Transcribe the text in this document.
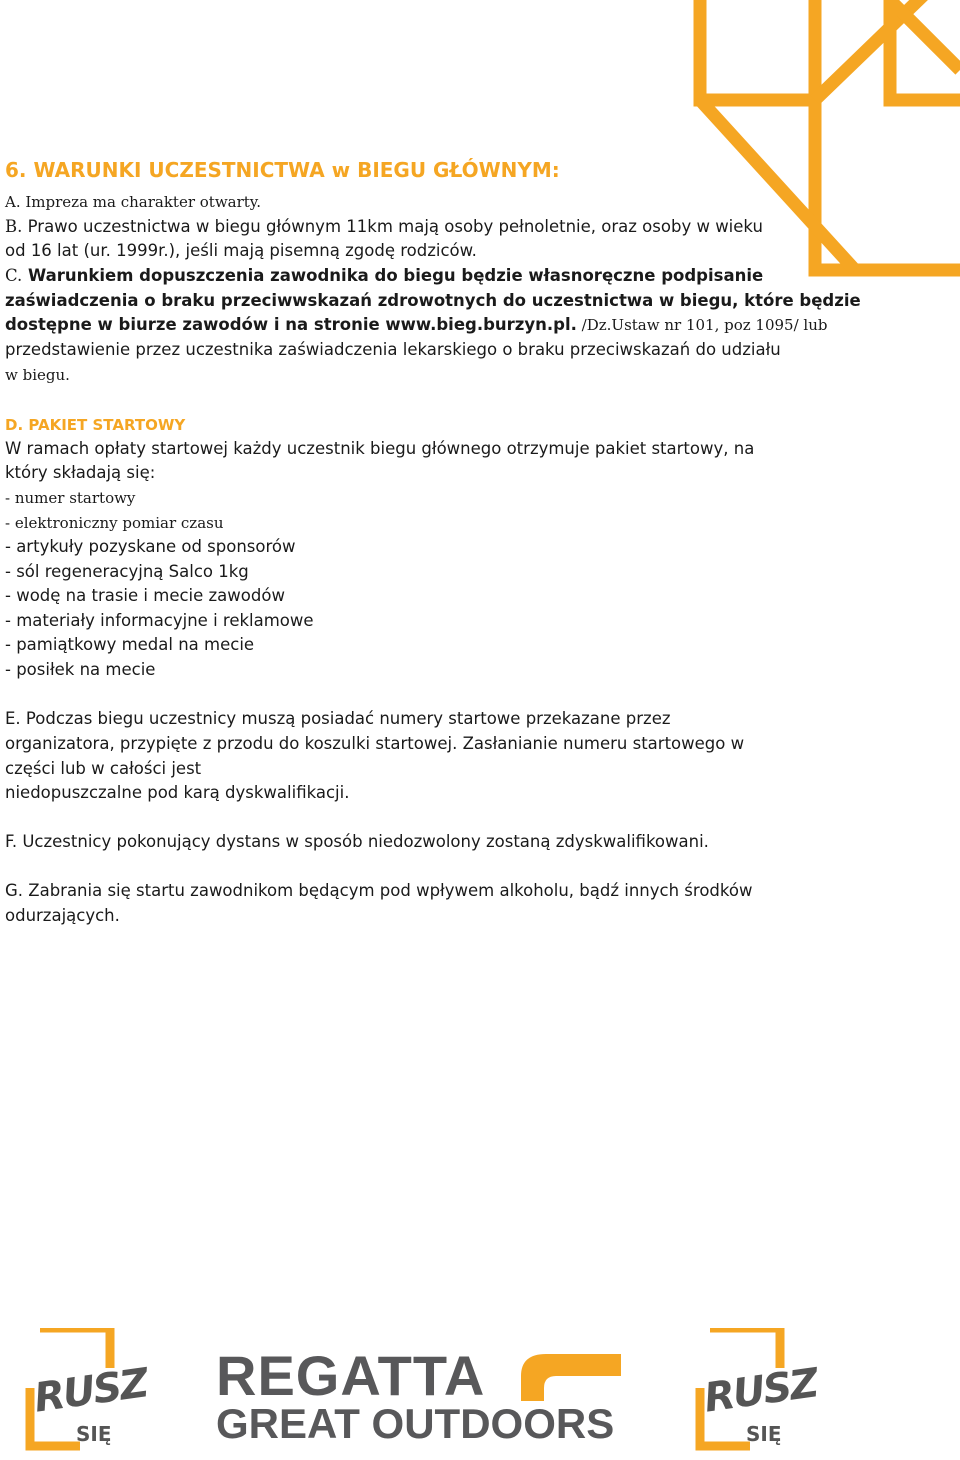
6. WARUNKI UCZESTNICTWA w BIEGU GŁÓWNYM:
A. Impreza ma charakter otwarty.
B. Prawo uczestnictwa w biegu głównym 11km mają osoby pełnoletnie, oraz osoby w wieku
od 16 lat (ur. 1999r.), jeśli mają pisemną zgodę rodziców.
C. Warunkiem dopuszczenia zawodnika do biegu będzie własnoręczne podpisanie
zaświadczenia o braku przeciwwskazań zdrowotnych do uczestnictwa w biegu, które będzie
dostępne w biurze zawodów i na stronie www.bieg.burzyn.pl. /Dz.Ustaw nr 101, poz 1095/ lub
przedstawienie przez uczestnika zaświadczenia lekarskiego o braku przeciwskazań do udziału
w biegu.
D. PAKIET STARTOWY
W ramach opłaty startowej każdy uczestnik biegu głównego otrzymuje pakiet startowy, na
który składają się:
- numer startowy
- elektroniczny pomiar czasu
- artykuły pozyskane od sponsorów
- sól regeneracyjną Salco 1kg
- wodę na trasie i mecie zawodów
- materiały informacyjne i reklamowe
- pamiątkowy medal na mecie
- posiłek na mecie
E. Podczas biegu uczestnicy muszą posiadać numery startowe przekazane przez
organizatora, przypięte z przodu do koszulki startowej. Zasłanianie numeru startowego w
części lub w całości jest
niedopuszczalne pod karą dyskwalifikacji.
F. Uczestnicy pokonujący dystans w sposób niedozwolony zostaną zdyskwalifikowani.
G. Zabrania się startu zawodnikom będącym pod wpływem alkoholu, bądź innych środków
odurzających.
RUSZ
SIĘ
REGATTA
GREAT OUTDOORS
RUSZ
SIĘ
